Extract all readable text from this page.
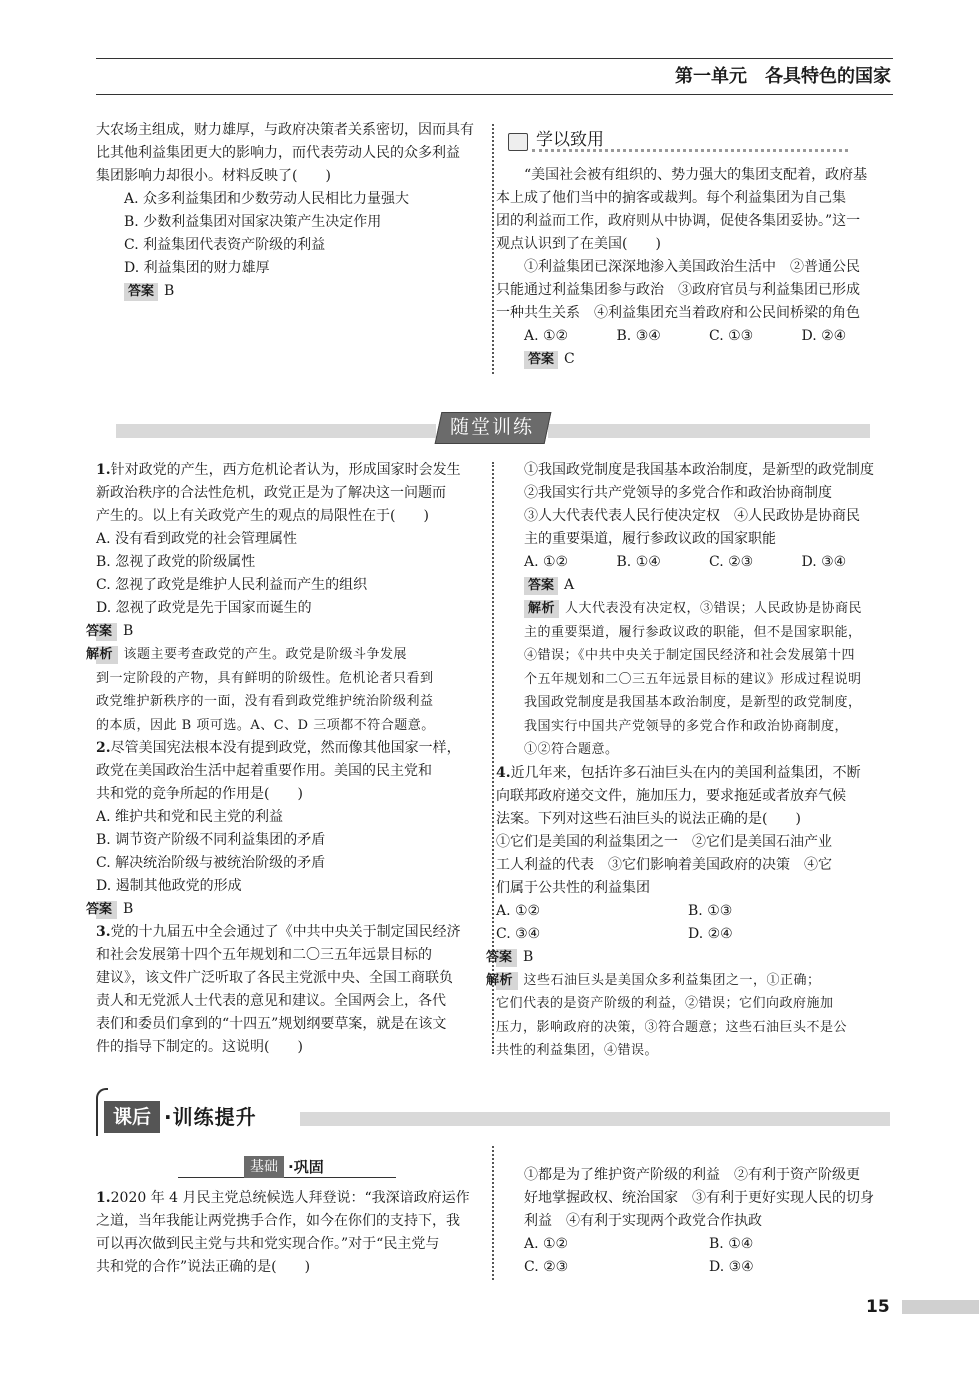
第一单元　各具特色的国家

大农场主组成，财力雄厚，与政府决策者关系密切，因而具有

比其他利益集团更大的影响力，而代表劳动人民的众多利益

集团影响力却很小。材料反映了(　　)

A. 众多利益集团和少数劳动人民相比力量强大

B. 少数利益集团对国家决策产生决定作用

C. 利益集团代表资产阶级的利益

D. 利益集团的财力雄厚

答案 B

学以致用

“美国社会被有组织的、势力强大的集团支配着，政府基

本上成了他们当中的掮客或裁判。每个利益集团为自己集

团的利益而工作，政府则从中协调，促使各集团妥协。”这一

观点认识到了在美国(　　)

①利益集团已深深地渗入美国政治生活中　②普通公民

只能通过利益集团参与政治　③政府官员与利益集团已形成

一种共生关系　④利益集团充当着政府和公民间桥梁的角色

A. ①②	B. ③④	C. ①③	D. ②④

答案 C

随堂训练

1.针对政党的产生，西方危机论者认为，形成国家时会发生

新政治秩序的合法性危机，政党正是为了解决这一问题而

产生的。以上有关政党产生的观点的局限性在于(　　)

A. 没有看到政党的社会管理属性

B. 忽视了政党的阶级属性

C. 忽视了政党是维护人民利益而产生的组织

D. 忽视了政党是先于国家而诞生的

答案 B

解析 该题主要考查政党的产生。政党是阶级斗争发展

到一定阶段的产物，具有鲜明的阶级性。危机论者只看到

政党维护新秩序的一面，没有看到政党维护统治阶级利益

的本质，因此 B 项可选。A、C、D 三项都不符合题意。

2.尽管美国宪法根本没有提到政党，然而像其他国家一样，

政党在美国政治生活中起着重要作用。美国的民主党和

共和党的竞争所起的作用是(　　)

A. 维护共和党和民主党的利益

B. 调节资产阶级不同利益集团的矛盾

C. 解决统治阶级与被统治阶级的矛盾

D. 遏制其他政党的形成

答案 B

3.党的十九届五中全会通过了《中共中央关于制定国民经济

和社会发展第十四个五年规划和二〇三五年远景目标的

建议》，该文件广泛听取了各民主党派中央、全国工商联负

责人和无党派人士代表的意见和建议。全国两会上，各代

表们和委员们拿到的“十四五”规划纲要草案，就是在该文

件的指导下制定的。这说明(　　)

①我国政党制度是我国基本政治制度，是新型的政党制度

②我国实行共产党领导的多党合作和政治协商制度

③人大代表代表人民行使决定权　④人民政协是协商民

主的重要渠道，履行参政议政的国家职能

A. ①②	B. ①④	C. ②③	D. ③④

答案 A

解析 人大代表没有决定权，③错误；人民政协是协商民

主的重要渠道，履行参政议政的职能，但不是国家职能，

④错误；《中共中央关于制定国民经济和社会发展第十四

个五年规划和二〇三五年远景目标的建议》形成过程说明

我国政党制度是我国基本政治制度，是新型的政党制度，

我国实行中国共产党领导的多党合作和政治协商制度，

①②符合题意。

4.近几年来，包括许多石油巨头在内的美国利益集团，不断

向联邦政府递交文件，施加压力，要求拖延或者放弃气候

法案。下列对这些石油巨头的说法正确的是(　　)

①它们是美国的利益集团之一　②它们是美国石油产业

工人利益的代表　③它们影响着美国政府的决策　④它

们属于公共性的利益集团

A. ①②	B. ①③
C. ③④	D. ②④

答案 B

解析 这些石油巨头是美国众多利益集团之一，①正确；

它们代表的是资产阶级的利益，②错误；它们向政府施加

压力，影响政府的决策，③符合题意；这些石油巨头不是公

共性的利益集团，④错误。

课后 ·训练提升
基础 ·巩固

1.2020 年 4 月民主党总统候选人拜登说：“我深谙政府运作

之道，当年我能让两党携手合作，如今在你们的支持下，我

可以再次做到民主党与共和党实现合作。”对于“民主党与

共和党的合作”说法正确的是(　　)

①都是为了维护资产阶级的利益　②有利于资产阶级更

好地掌握政权、统治国家　③有利于更好实现人民的切身

利益　④有利于实现两个政党合作执政

A. ①②	B. ①④
C. ②③	D. ③④
15
